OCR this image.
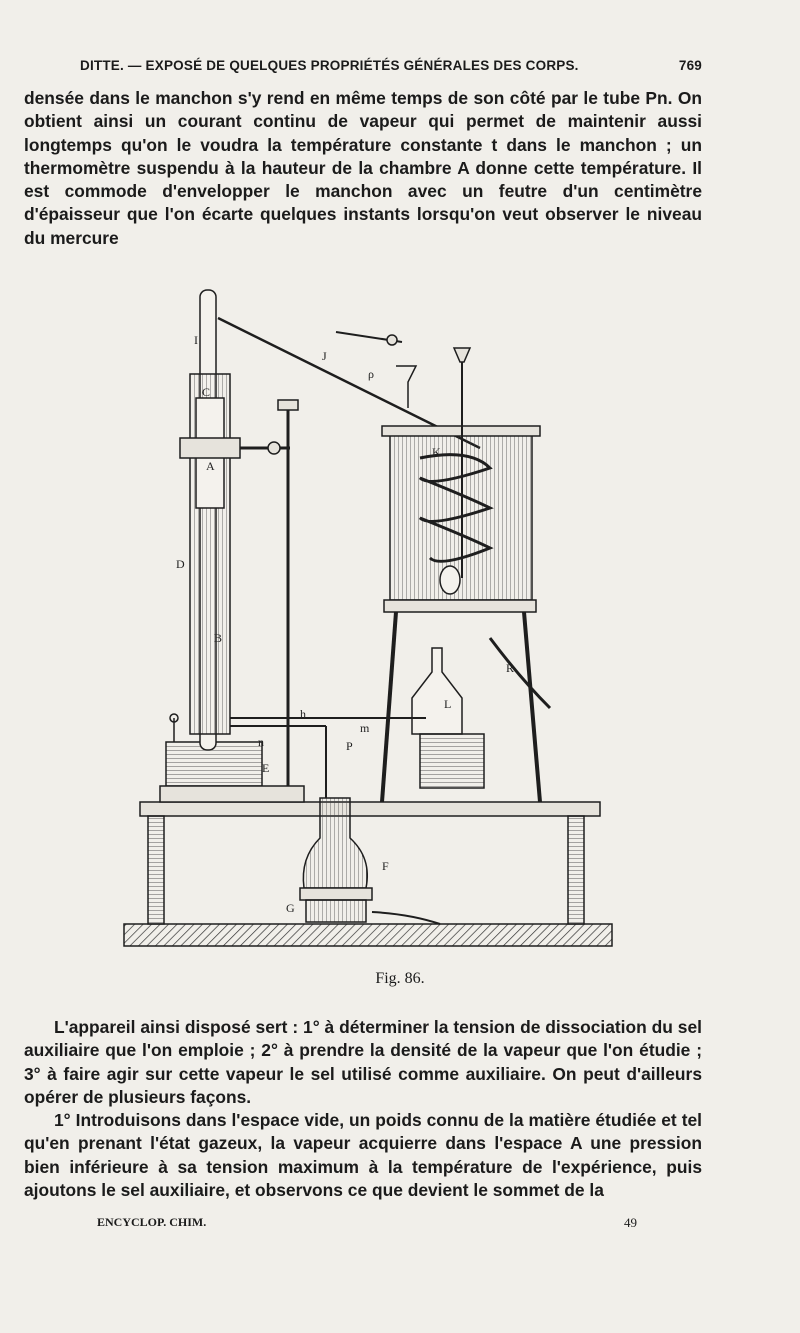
DITTE. — EXPOSÉ DE QUELQUES PROPRIÉTÉS GÉNÉRALES DES CORPS.	769

densée dans le manchon s'y rend en même temps de son côté par le tube Pn. On obtient ainsi un courant continu de vapeur qui permet de maintenir aussi longtemps qu'on le voudra la température constante t dans le manchon ; un thermomètre suspendu à la hauteur de la chambre A donne cette température. Il est commode d'envelopper le manchon avec un feutre d'un centimètre d'épaisseur que l'on écarte quelques instants lorsqu'on veut observer le niveau du mercure

I
C
A
D
B
n
E
h
m
P
F
G
J
ρ
K
R
L
Fig. 86.

L'appareil ainsi disposé sert : 1° à déterminer la tension de dissociation du sel auxiliaire que l'on emploie ; 2° à prendre la densité de la vapeur que l'on étudie ; 3° à faire agir sur cette vapeur le sel utilisé comme auxiliaire. On peut d'ailleurs opérer de plusieurs façons.

1° Introduisons dans l'espace vide, un poids connu de la matière étudiée et tel qu'en prenant l'état gazeux, la vapeur acquierre dans l'espace A une pression bien inférieure à sa tension maximum à la température de l'expérience, puis ajoutons le sel auxiliaire, et observons ce que devient le sommet de la

ENCYCLOP. CHIM.	49
